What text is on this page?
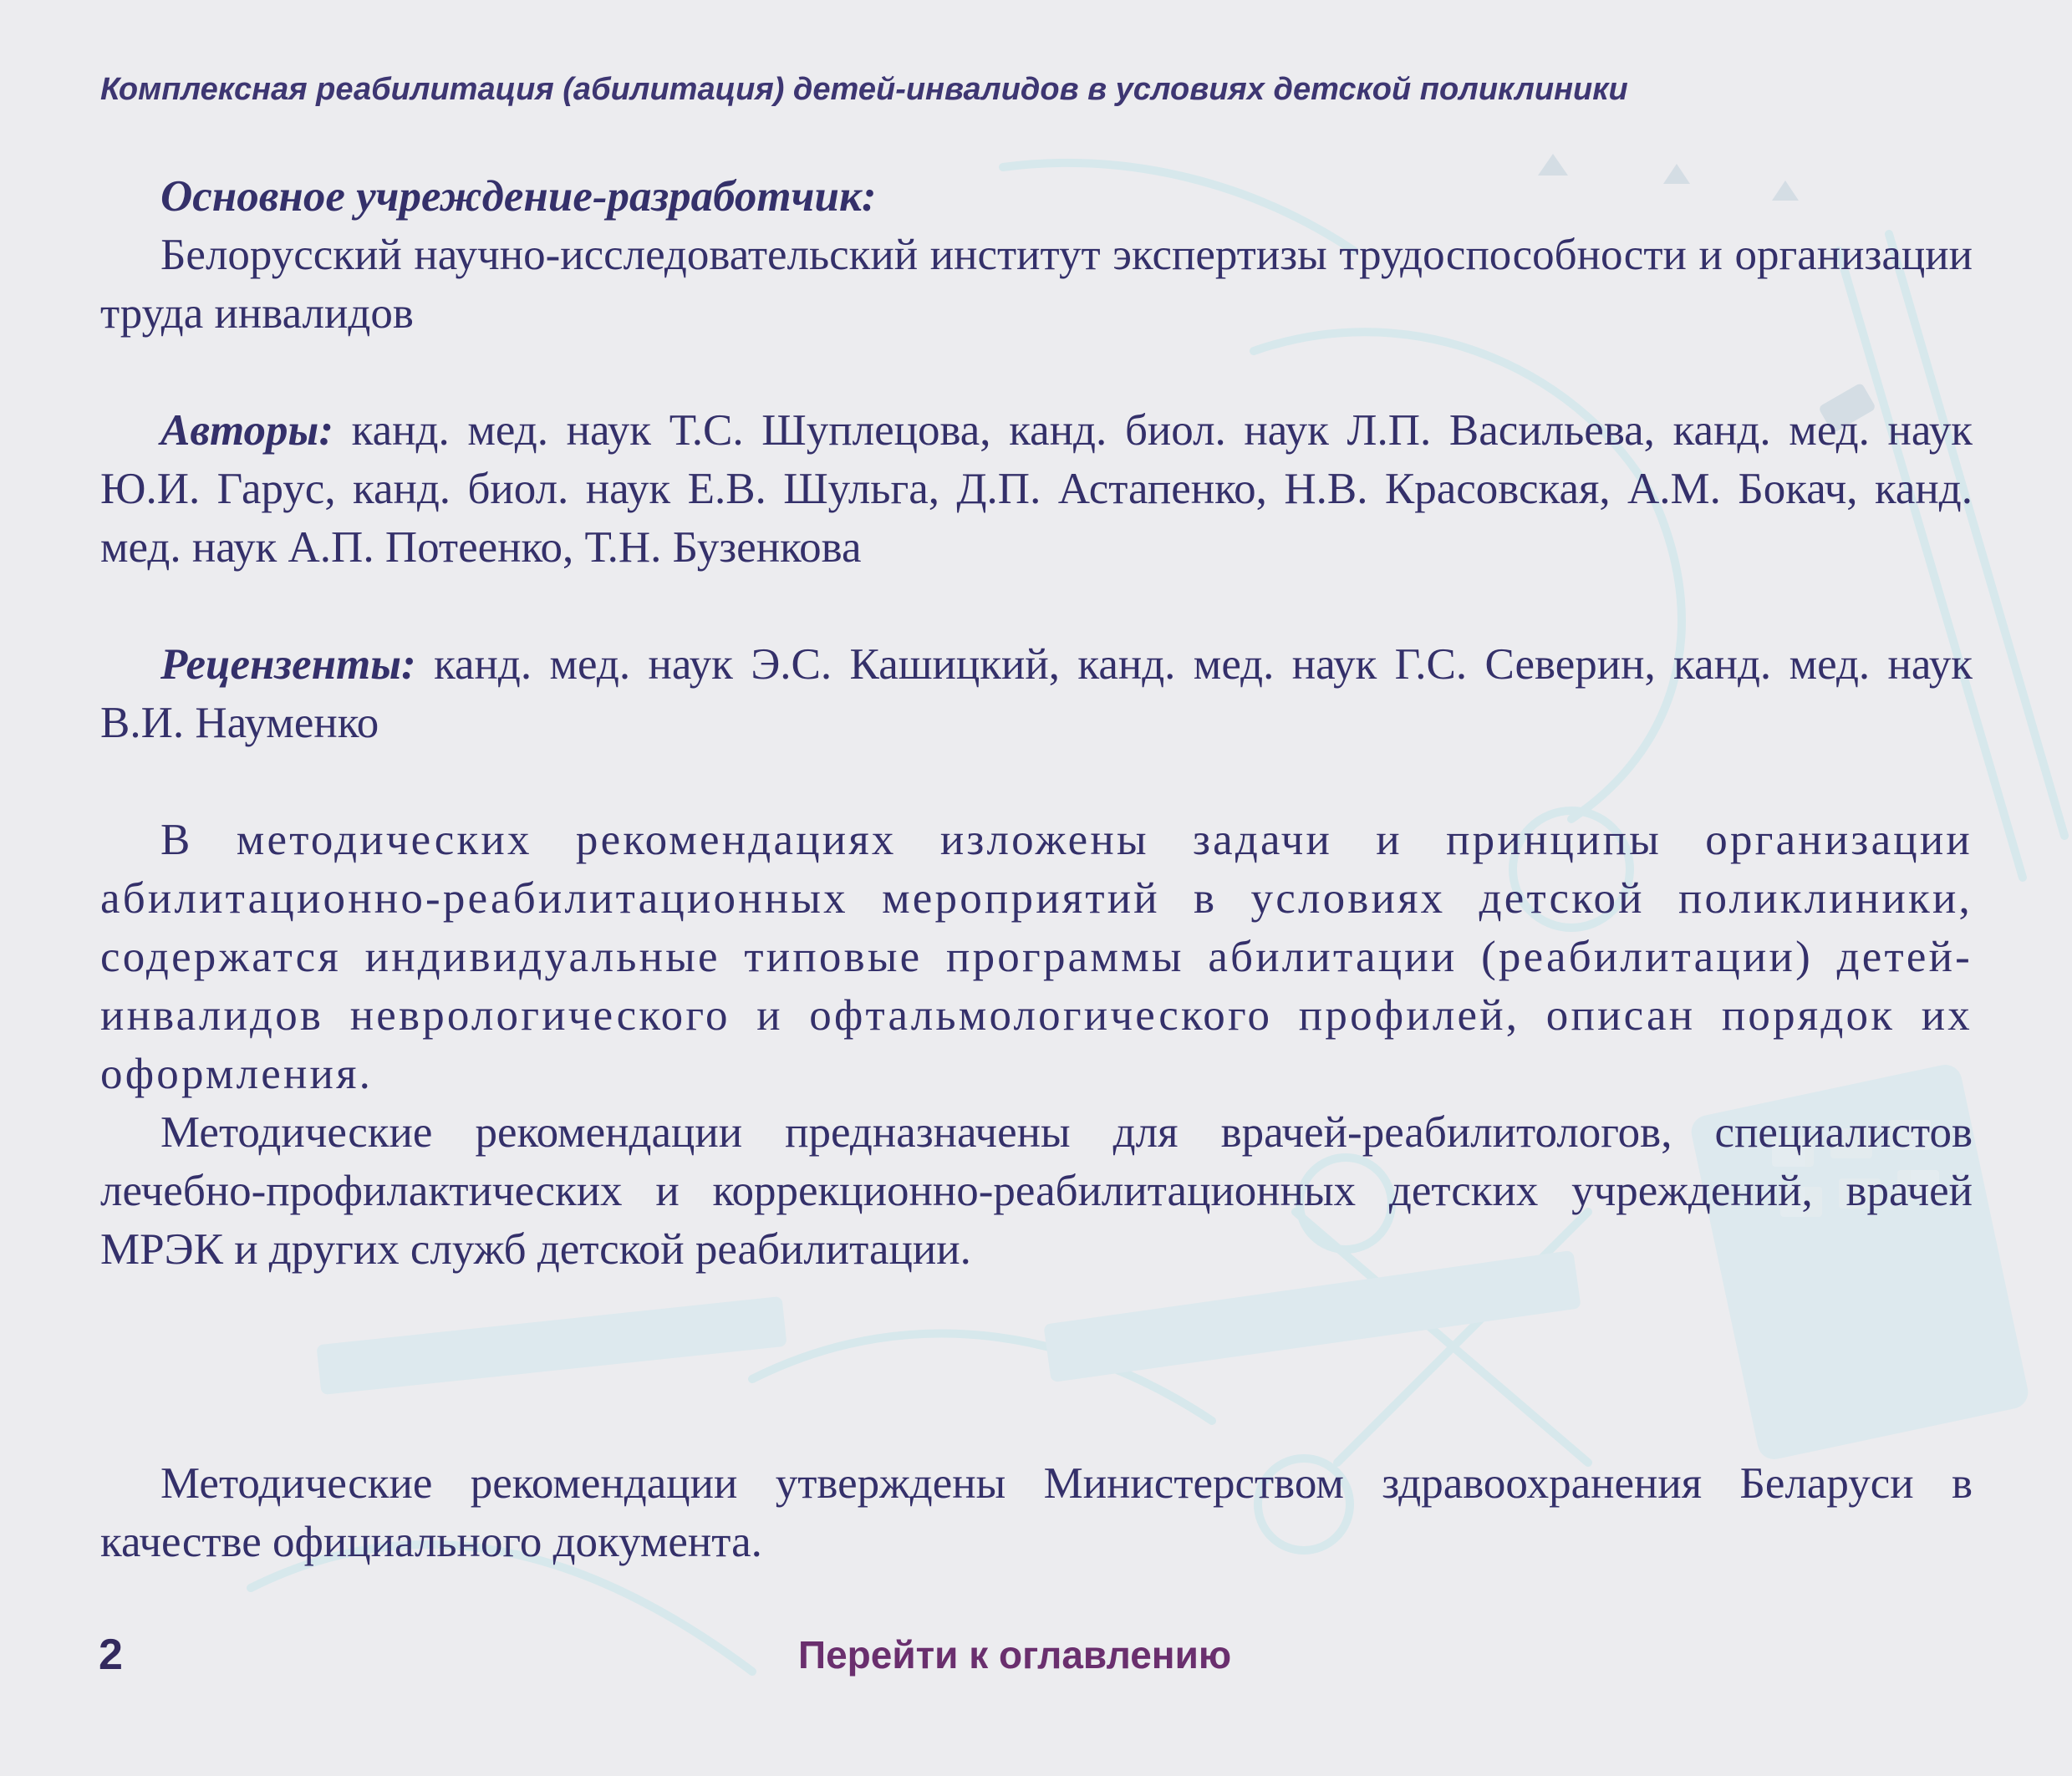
Комплексная реабилитация (абилитация) детей-инвалидов в условиях детской поликлиники

Основное учреждение-разработчик:

Белорусский научно-исследовательский институт экспертизы трудоспособности и организации труда инвалидов

Авторы: канд. мед. наук Т.С. Шуплецова, канд. биол. наук Л.П. Васильева, канд. мед. наук Ю.И. Гарус, канд. биол. наук Е.В. Шульга, Д.П. Астапенко, Н.В. Красовская, А.М. Бокач, канд. мед. наук А.П. Потеенко, Т.Н. Бузенкова

Рецензенты: канд. мед. наук Э.С. Кашицкий, канд. мед. наук Г.С. Северин, канд. мед. наук В.И. Науменко

В методических рекомендациях изложены задачи и принципы организации абилитационно-реабилитационных мероприятий в условиях детской поликлиники, содержатся индивидуальные типовые программы абилитации (реабилитации) детей-инвалидов неврологического и офтальмологического профилей, описан порядок их оформления.

Методические рекомендации предназначены для врачей-реабилитологов, специалистов лечебно-профилактических и коррекционно-реабилитационных детских учреждений, врачей МРЭК и других служб детской реабилитации.

Методические рекомендации утверждены Министерством здравоохранения Беларуси в качестве официального документа.

2	Перейти к оглавлению
